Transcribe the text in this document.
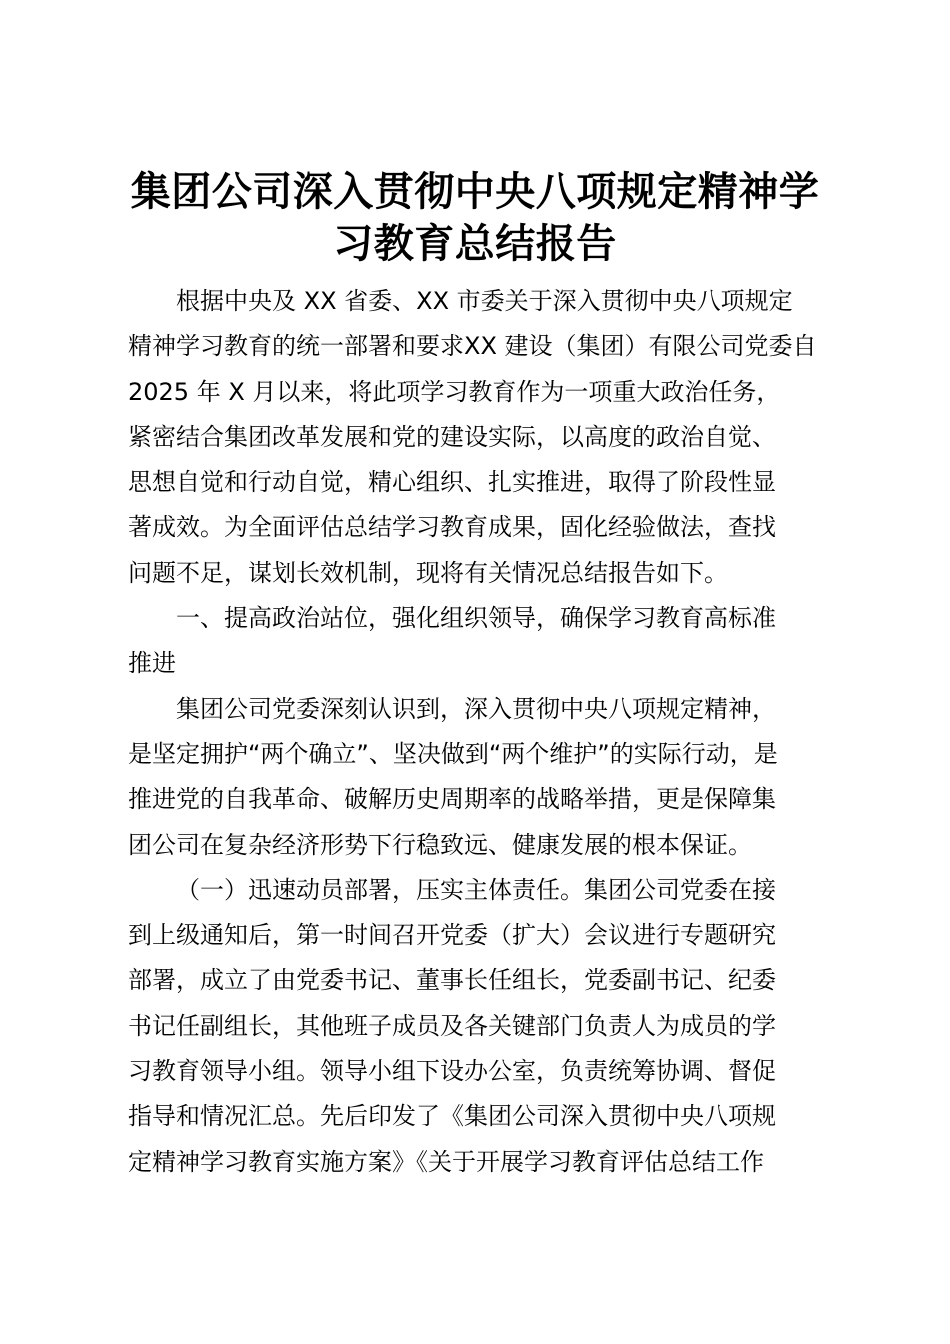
集团公司深入贯彻中央八项规定精神学
习教育总结报告
根据中央及 XX 省委、XX 市委关于深入贯彻中央八项规定
精神学习教育的统一部署和要求XX 建设（集团）有限公司党委自
2025 年 X 月以来，将此项学习教育作为一项重大政治任务，
紧密结合集团改革发展和党的建设实际，以高度的政治自觉、
思想自觉和行动自觉，精心组织、扎实推进，取得了阶段性显
著成效。为全面评估总结学习教育成果，固化经验做法，查找
问题不足，谋划长效机制，现将有关情况总结报告如下。
一、提高政治站位，强化组织领导，确保学习教育高标准
推进
集团公司党委深刻认识到，深入贯彻中央八项规定精神，
是坚定拥护“两个确立”、坚决做到“两个维护”的实际行动，是
推进党的自我革命、破解历史周期率的战略举措，更是保障集
团公司在复杂经济形势下行稳致远、健康发展的根本保证。
（一）迅速动员部署，压实主体责任。集团公司党委在接
到上级通知后，第一时间召开党委（扩大）会议进行专题研究
部署，成立了由党委书记、董事长任组长，党委副书记、纪委
书记任副组长，其他班子成员及各关键部门负责人为成员的学
习教育领导小组。领导小组下设办公室，负责统筹协调、督促
指导和情况汇总。先后印发了《集团公司深入贯彻中央八项规
定精神学习教育实施方案》《关于开展学习教育评估总结工作
